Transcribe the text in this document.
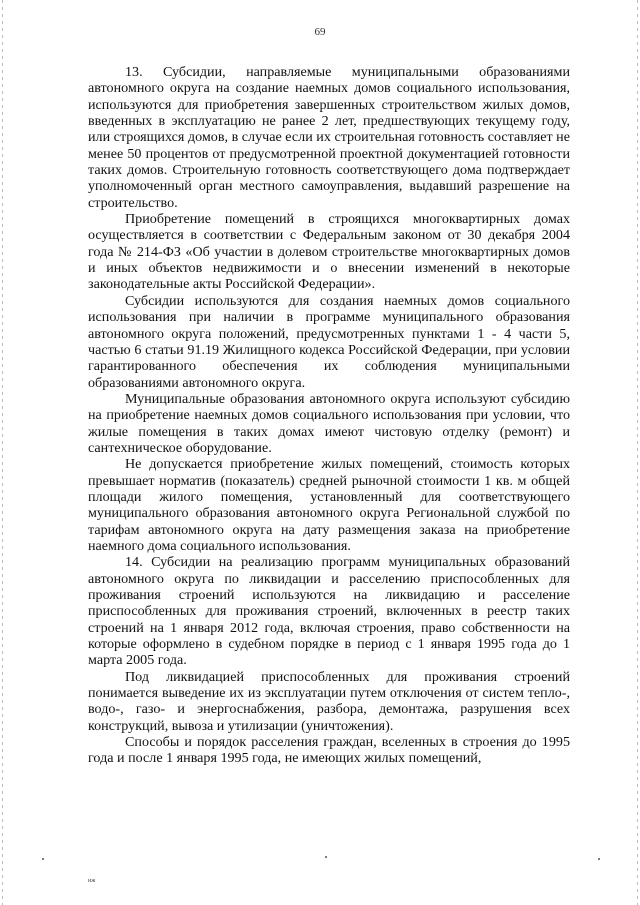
69

13. Субсидии, направляемые муниципальными образованиями автономного округа на создание наемных домов социального использования, используются для приобретения завершенных строительством жилых домов, введенных в эксплуатацию не ранее 2 лет, предшествующих текущему году, или строящихся домов, в случае если их строительная готовность составляет не менее 50 процентов от предусмотренной проектной документацией готовности таких домов. Строительную готовность соответствующего дома подтверждает уполномоченный орган местного самоуправления, выдавший разрешение на строительство.

Приобретение помещений в строящихся многоквартирных домах осуществляется в соответствии с Федеральным законом от 30 декабря 2004 года № 214-ФЗ «Об участии в долевом строительстве многоквартирных домов и иных объектов недвижимости и о внесении изменений в некоторые законодательные акты Российской Федерации».

Субсидии используются для создания наемных домов социального использования при наличии в программе муниципального образования автономного округа положений, предусмотренных пунктами 1 - 4 части 5, частью 6 статьи 91.19 Жилищного кодекса Российской Федерации, при условии гарантированного обеспечения их соблюдения муниципальными образованиями автономного округа.

Муниципальные образования автономного округа используют субсидию на приобретение наемных домов социального использования при условии, что жилые помещения в таких домах имеют чистовую отделку (ремонт) и сантехническое оборудование.

Не допускается приобретение жилых помещений, стоимость которых превышает норматив (показатель) средней рыночной стоимости 1 кв. м общей площади жилого помещения, установленный для соответствующего муниципального образования автономного округа Региональной службой по тарифам автономного округа на дату размещения заказа на приобретение наемного дома социального использования.

14. Субсидии на реализацию программ муниципальных образований автономного округа по ликвидации и расселению приспособленных для проживания строений используются на ликвидацию и расселение приспособленных для проживания строений, включенных в реестр таких строений на 1 января 2012 года, включая строения, право собственности на которые оформлено в судебном порядке в период с 1 января 1995 года до 1 марта 2005 года.

Под ликвидацией приспособленных для проживания строений понимается выведение их из эксплуатации путем отключения от систем тепло-, водо-, газо- и энергоснабжения, разбора, демонтажа, разрушения всех конструкций, вывоза и утилизации (уничтожения).

Способы и порядок расселения граждан, вселенных в строения до 1995 года и после 1 января 1995 года, не имеющих жилых помещений,

иж
